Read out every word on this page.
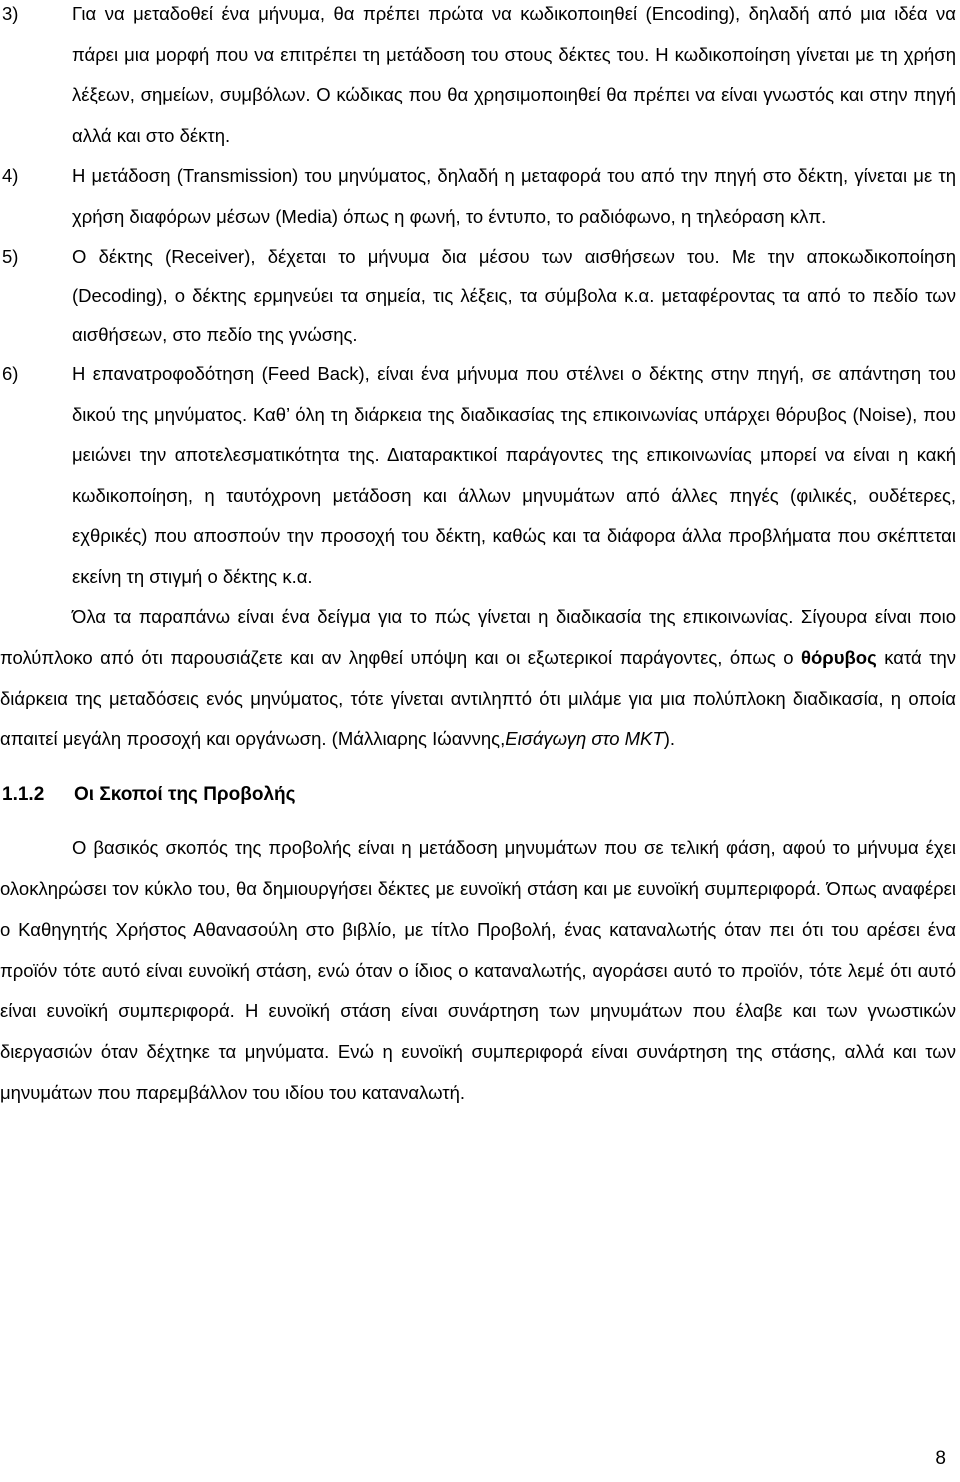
3)	Για να μεταδοθεί ένα μήνυμα, θα πρέπει πρώτα να κωδικοποιηθεί (Encoding), δηλαδή από μια ιδέα να πάρει μια μορφή που να επιτρέπει τη μετάδοση του στους δέκτες του. Η κωδικοποίηση γίνεται με τη χρήση λέξεων, σημείων, συμβόλων. Ο κώδικας που θα χρησιμοποιηθεί θα πρέπει να είναι γνωστός και στην πηγή αλλά και στο δέκτη.
4)	Η μετάδοση (Transmission) του μηνύματος, δηλαδή η μεταφορά του από την πηγή στο δέκτη, γίνεται με τη χρήση διαφόρων μέσων (Media) όπως η φωνή, το έντυπο, το ραδιόφωνο, η τηλεόραση κλπ.
5)	Ο δέκτης (Receiver), δέχεται το μήνυμα δια μέσου των αισθήσεων του. Με την αποκωδικοποίηση (Decoding), ο δέκτης ερμηνεύει τα σημεία, τις λέξεις, τα σύμβολα κ.α. μεταφέροντας τα από το πεδίο των αισθήσεων, στο πεδίο της γνώσης.
6)	Η επανατροφοδότηση (Feed Back), είναι ένα μήνυμα που στέλνει ο δέκτης στην πηγή, σε απάντηση του δικού της μηνύματος. Καθ’ όλη τη διάρκεια της διαδικασίας της επικοινωνίας υπάρχει θόρυβος (Noise), που μειώνει την αποτελεσματικότητα της. Διαταρακτικοί παράγοντες της επικοινωνίας μπορεί να είναι η κακή κωδικοποίηση, η ταυτόχρονη μετάδοση και άλλων μηνυμάτων από άλλες πηγές (φιλικές, ουδέτερες, εχθρικές) που αποσπούν την προσοχή του δέκτη, καθώς και τα διάφορα άλλα προβλήματα που σκέπτεται εκείνη τη στιγμή ο δέκτης κ.α.
Όλα τα παραπάνω είναι ένα δείγμα για το πώς γίνεται η διαδικασία της επικοινωνίας. Σίγουρα είναι ποιο πολύπλοκο από ότι παρουσιάζετε και αν ληφθεί υπόψη και οι εξωτερικοί παράγοντες, όπως ο θόρυβος κατά την διάρκεια της μεταδόσεις ενός μηνύματος, τότε γίνεται αντιληπτό ότι μιλάμε για μια πολύπλοκη διαδικασία, η οποία απαιτεί μεγάλη προσοχή και οργάνωση. (Μάλλιαρης Ιώαννης,Εισάγωγη στο ΜΚΤ).
1.1.2 Οι Σκοποί της Προβολής
Ο βασικός σκοπός της προβολής είναι η μετάδοση μηνυμάτων που σε τελική φάση, αφού το μήνυμα έχει ολοκληρώσει τον κύκλο του, θα δημιουργήσει δέκτες με ευνοϊκή στάση και με ευνοϊκή συμπεριφορά. Όπως αναφέρει ο Καθηγητής Χρήστος Αθανασούλη στο βιβλίο, με τίτλο Προβολή, ένας καταναλωτής όταν πει ότι του αρέσει ένα προϊόν τότε αυτό είναι ευνοϊκή στάση, ενώ όταν ο ίδιος ο καταναλωτής, αγοράσει αυτό το προϊόν, τότε λεμέ ότι αυτό είναι ευνοϊκή συμπεριφορά. Η ευνοϊκή στάση είναι συνάρτηση των μηνυμάτων που έλαβε και των γνωστικών διεργασιών όταν δέχτηκε τα μηνύματα. Ενώ η ευνοϊκή συμπεριφορά είναι συνάρτηση της στάσης, αλλά και των μηνυμάτων που παρεμβάλλον του ιδίου του καταναλωτή.
8
